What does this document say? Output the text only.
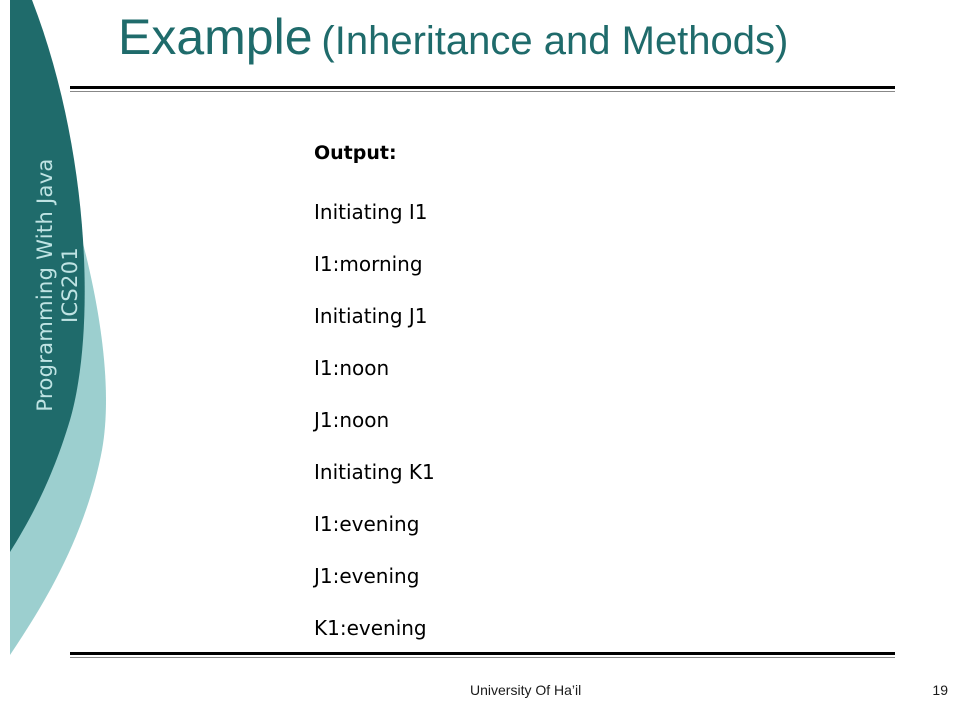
Programming With Java ICS201
Example (Inheritance and Methods)
Output:
Initiating I1
I1:morning
Initiating J1
I1:noon
J1:noon
Initiating K1
I1:evening
J1:evening
K1:evening
University Of Ha’il	19
